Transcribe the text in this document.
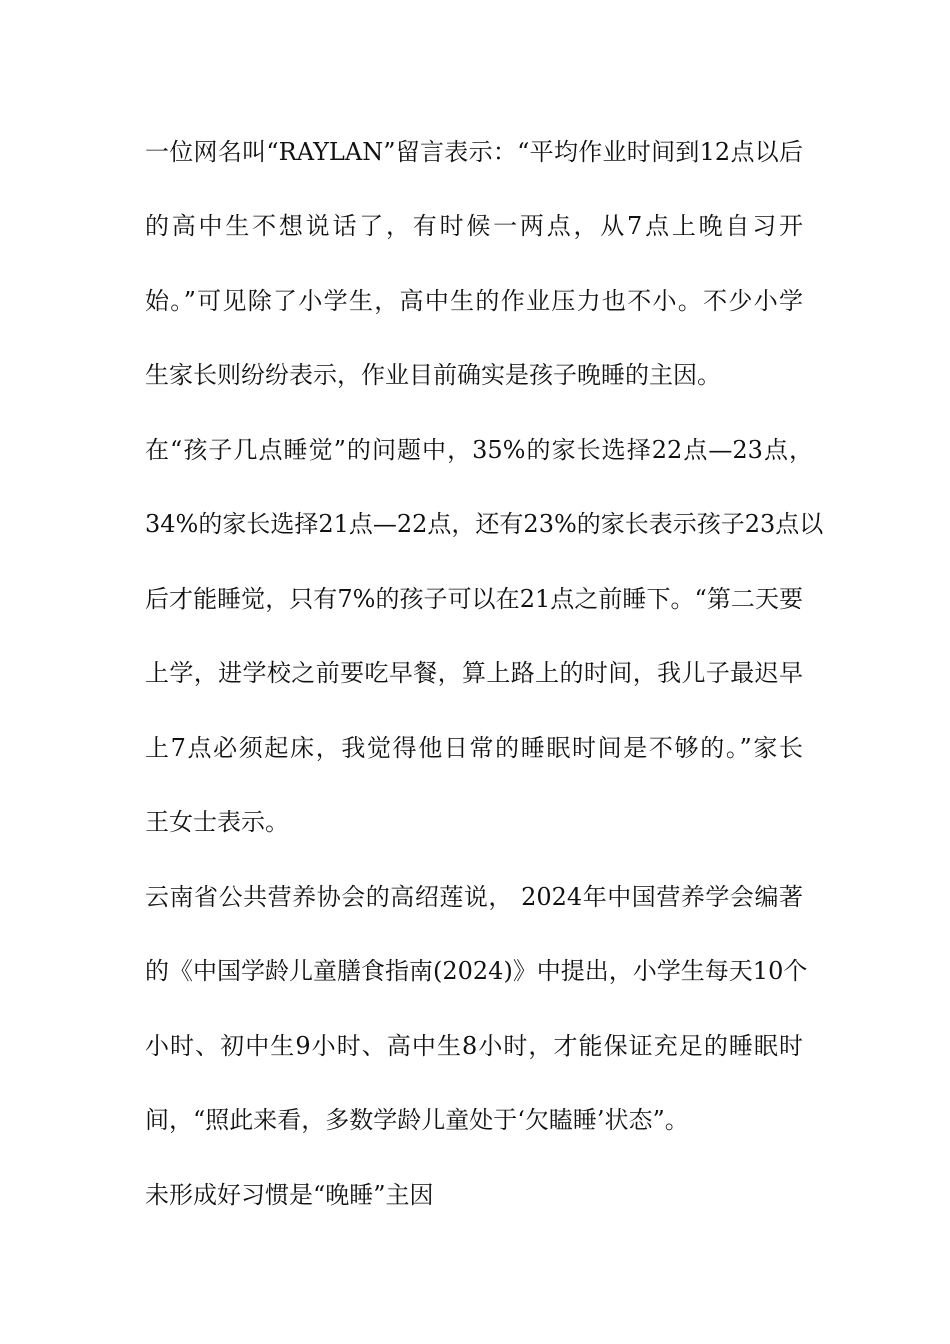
一位网名叫“RAYLAN”留言表示：“平均作业时间到12点以后

的高中生不想说话了，有时候一两点，从7点上晚自习开

始。”可见除了小学生，高中生的作业压力也不小。不少小学

生家长则纷纷表示，作业目前确实是孩子晚睡的主因。

在“孩子几点睡觉”的问题中，35%的家长选择22点—23点，

34%的家长选择21点—22点，还有23%的家长表示孩子23点以

后才能睡觉，只有7%的孩子可以在21点之前睡下。“第二天要

上学，进学校之前要吃早餐，算上路上的时间，我儿子最迟早

上7点必须起床，我觉得他日常的睡眠时间是不够的。”家长

王女士表示。

云南省公共营养协会的高绍莲说， 2024年中国营养学会编著

的《中国学龄儿童膳食指南(2024)》中提出，小学生每天10个

小时、初中生9小时、高中生8小时，才能保证充足的睡眠时

间，“照此来看，多数学龄儿童处于‘欠瞌睡’状态”。

未形成好习惯是“晚睡”主因
